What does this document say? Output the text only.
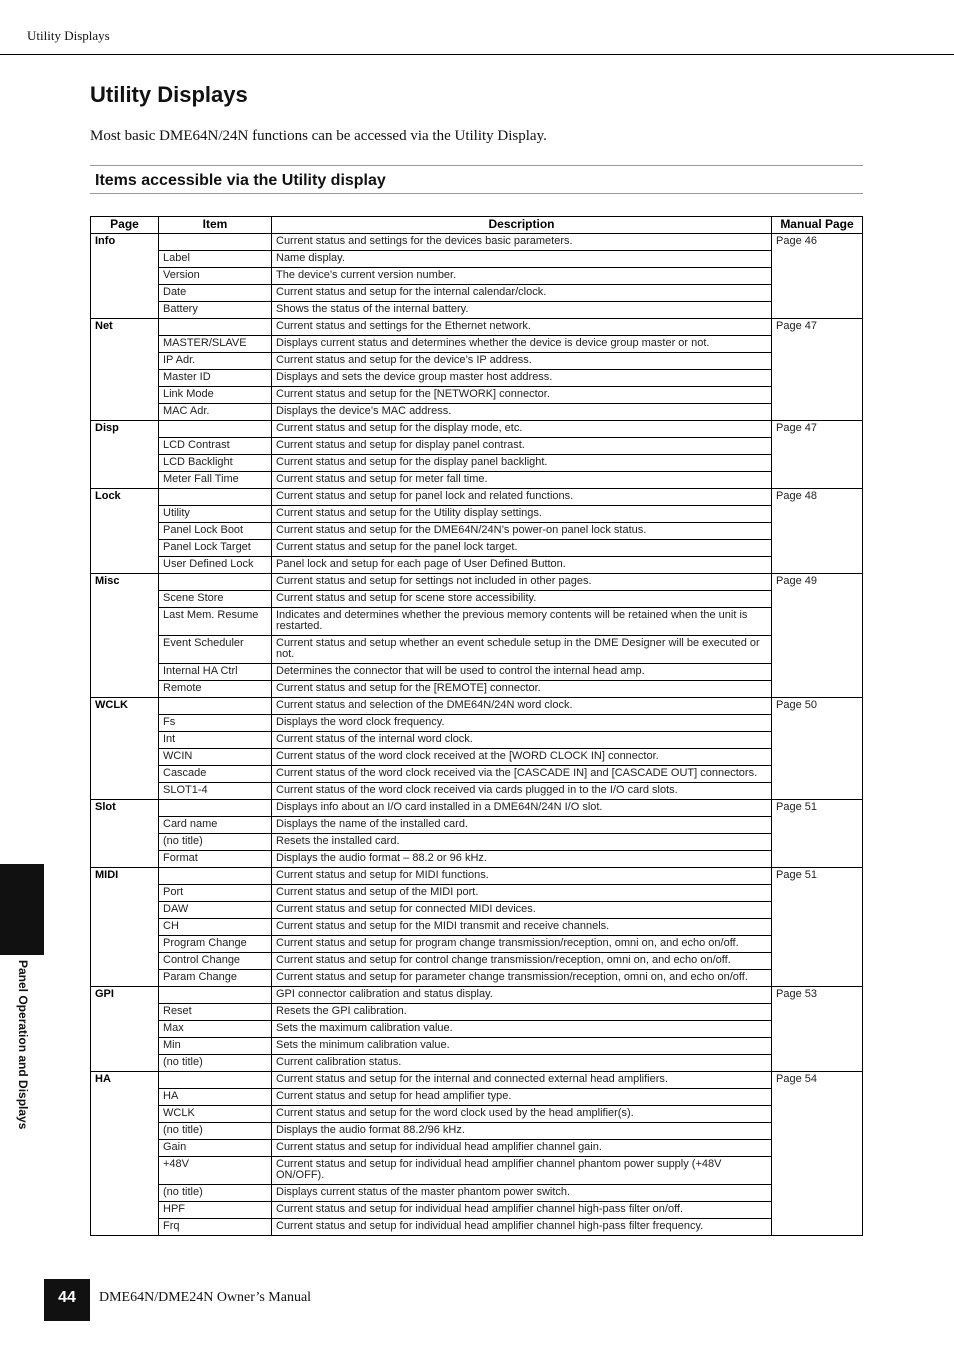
Utility Displays
Utility Displays

Most basic DME64N/24N functions can be accessed via the Utility Display.

Items accessible via the Utility display
Page	Item	Description	Manual Page
Info		Current status and settings for the devices basic parameters.	Page 46
	Label	Name display.	
	Version	The device’s current version number.	
	Date	Current status and setup for the internal calendar/clock.	
	Battery	Shows the status of the internal battery.	
Net		Current status and settings for the Ethernet network.	Page 47
	MASTER/SLAVE	Displays current status and determines whether the device is device group master or not.	
	IP Adr.	Current status and setup for the device’s IP address.	
	Master ID	Displays and sets the device group master host address.	
	Link Mode	Current status and setup for the [NETWORK] connector.	
	MAC Adr.	Displays the device’s MAC address.	
Disp		Current status and setup for the display mode, etc.	Page 47
	LCD Contrast	Current status and setup for display panel contrast.	
	LCD Backlight	Current status and setup for the display panel backlight.	
	Meter Fall Time	Current status and setup for meter fall time.	
Lock		Current status and setup for panel lock and related functions.	Page 48
	Utility	Current status and setup for the Utility display settings.	
	Panel Lock Boot	Current status and setup for the DME64N/24N’s power-on panel lock status.	
	Panel Lock Target	Current status and setup for the panel lock target.	
	User Defined Lock	Panel lock and setup for each page of User Defined Button.	
Misc		Current status and setup for settings not included in other pages.	Page 49
	Scene Store	Current status and setup for scene store accessibility.	
	Last Mem. Resume	Indicates and determines whether the previous memory contents will be retained when the unit is restarted.	
	Event Scheduler	Current status and setup whether an event schedule setup in the DME Designer will be executed or not.	
	Internal HA Ctrl	Determines the connector that will be used to control the internal head amp.	
	Remote	Current status and setup for the [REMOTE] connector.	
WCLK		Current status and selection of the DME64N/24N word clock.	Page 50
	Fs	Displays the word clock frequency.	
	Int	Current status of the internal word clock.	
	WCIN	Current status of the word clock received at the [WORD CLOCK IN] connector.	
	Cascade	Current status of the word clock received via the [CASCADE IN] and [CASCADE OUT] connectors.	
	SLOT1-4	Current status of the word clock received via cards plugged in to the I/O card slots.	
Slot		Displays info about an I/O card installed in a DME64N/24N I/O slot.	Page 51
	Card name	Displays the name of the installed card.	
	(no title)	Resets the installed card.	
	Format	Displays the audio format – 88.2 or 96 kHz.	
MIDI		Current status and setup for MIDI functions.	Page 51
	Port	Current status and setup of the MIDI port.	
	DAW	Current status and setup for connected MIDI devices.	
	CH	Current status and setup for the MIDI transmit and receive channels.	
	Program Change	Current status and setup for program change transmission/reception, omni on, and echo on/off.	
	Control Change	Current status and setup for control change transmission/reception, omni on, and echo on/off.	
	Param Change	Current status and setup for parameter change transmission/reception, omni on, and echo on/off.	
GPI		GPI connector calibration and status display.	Page 53
	Reset	Resets the GPI calibration.	
	Max	Sets the maximum calibration value.	
	Min	Sets the minimum calibration value.	
	(no title)	Current calibration status.	
HA		Current status and setup for the internal and connected external head amplifiers.	Page 54
	HA	Current status and setup for head amplifier type.	
	WCLK	Current status and setup for the word clock used by the head amplifier(s).	
	(no title)	Displays the audio format 88.2/96 kHz.	
	Gain	Current status and setup for individual head amplifier channel gain.	
	+48V	Current status and setup for individual head amplifier channel phantom power supply (+48V ON/OFF).	
	(no title)	Displays current status of the master phantom power switch.	
	HPF	Current status and setup for individual head amplifier channel high-pass filter on/off.	
	Frq	Current status and setup for individual head amplifier channel high-pass filter frequency.	
Panel Operation and Displays
44	DME64N/DME24N Owner’s Manual
